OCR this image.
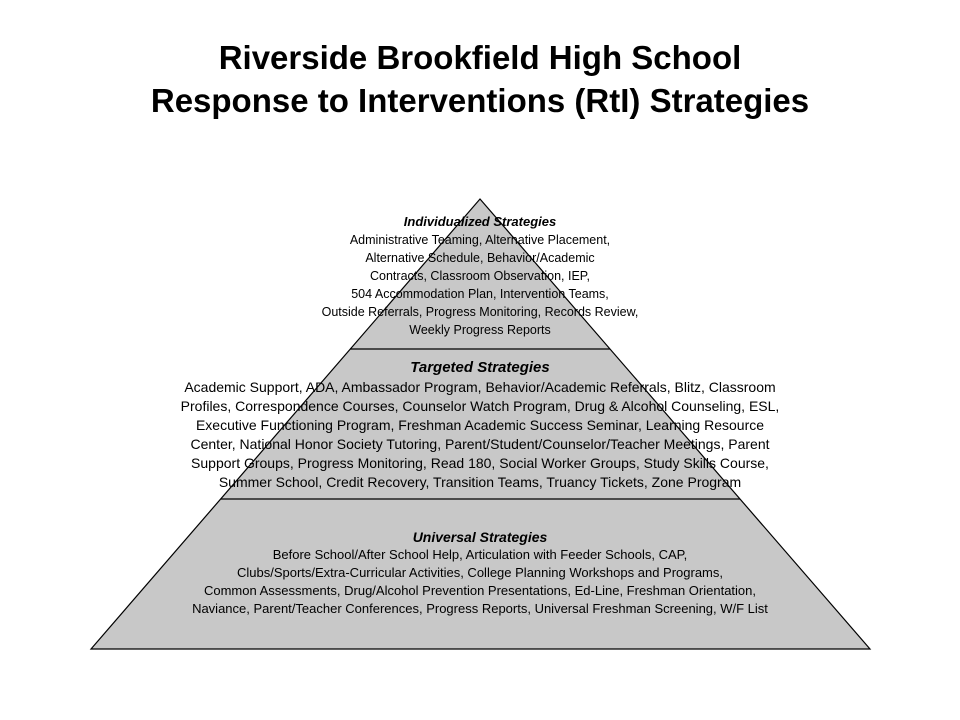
Riverside Brookfield High School
Response to Interventions (RtI) Strategies
Individualized Strategies
Administrative Teaming, Alternative Placement,
Alternative Schedule, Behavior/Academic
Contracts, Classroom Observation, IEP,
504 Accommodation Plan, Intervention Teams,
Outside Referrals, Progress Monitoring, Records Review,
Weekly Progress Reports
Targeted Strategies
Academic Support, ADA, Ambassador Program, Behavior/Academic Referrals, Blitz, Classroom
Profiles, Correspondence Courses, Counselor Watch Program, Drug & Alcohol Counseling, ESL,
Executive Functioning Program, Freshman Academic Success Seminar, Learning Resource
Center, National Honor Society Tutoring, Parent/Student/Counselor/Teacher Meetings, Parent
Support Groups, Progress Monitoring, Read 180, Social Worker Groups, Study Skills Course,
Summer School, Credit Recovery, Transition Teams, Truancy Tickets, Zone Program
Universal Strategies
Before School/After School Help, Articulation with Feeder Schools, CAP,
Clubs/Sports/Extra-Curricular Activities, College Planning Workshops and Programs,
Common Assessments, Drug/Alcohol Prevention Presentations, Ed-Line, Freshman Orientation,
Naviance, Parent/Teacher Conferences, Progress Reports, Universal Freshman Screening, W/F List
